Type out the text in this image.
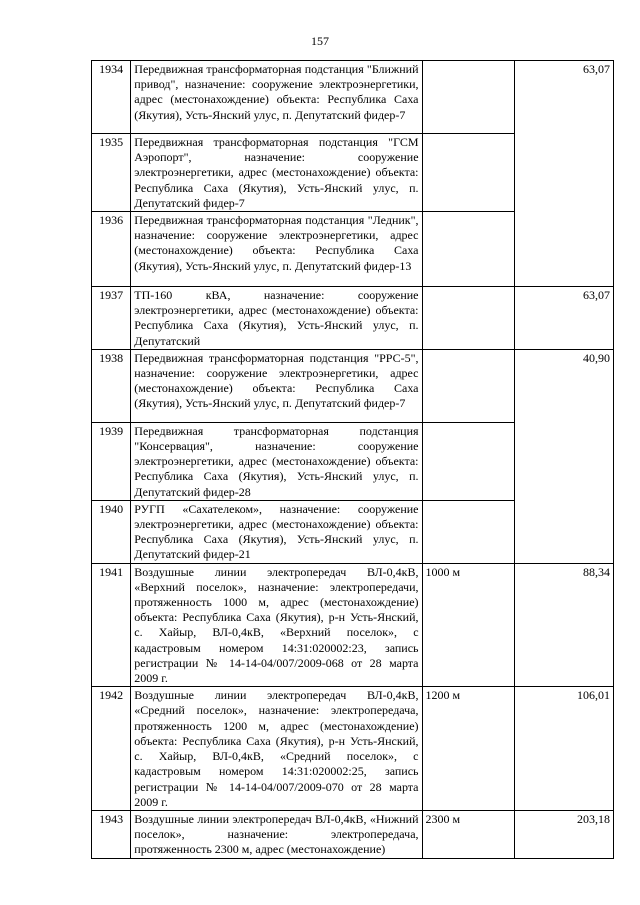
157
1934	Передвижная трансформаторная подстанция "Ближний привод", назначение: сооружение электроэнергетики, адрес (местонахождение) объекта: Республика Саха (Якутия), Усть-Янский улус, п. Депутатский фидер-7		63,07
1935	Передвижная трансформаторная подстанция "ГСМ Аэропорт", назначение: сооружение электроэнергетики, адрес (местонахождение) объекта: Республика Саха (Якутия), Усть-Янский улус, п. Депутатский фидер-7		
1936	Передвижная трансформаторная подстанция "Ледник", назначение: сооружение электроэнергетики, адрес (местонахождение) объекта: Республика Саха (Якутия), Усть-Янский улус, п. Депутатский фидер-13		
1937	ТП-160 кВА, назначение: сооружение электроэнергетики, адрес (местонахождение) объекта: Республика Саха (Якутия), Усть-Янский улус, п. Депутатский		63,07
1938	Передвижная трансформаторная подстанция "РРС-5", назначение: сооружение электроэнергетики, адрес (местонахождение) объекта: Республика Саха (Якутия), Усть-Янский улус, п. Депутатский фидер-7		40,90
1939	Передвижная трансформаторная подстанция "Консервация", назначение: сооружение электроэнергетики, адрес (местонахождение) объекта: Республика Саха (Якутия), Усть-Янский улус, п. Депутатский фидер-28		
1940	РУГП «Сахателеком», назначение: сооружение электроэнергетики, адрес (местонахождение) объекта: Республика Саха (Якутия), Усть-Янский улус, п. Депутатский фидер-21		
1941	Воздушные линии электропередач ВЛ-0,4кВ, «Верхний поселок», назначение: электропередачи, протяженность 1000 м, адрес (местонахождение) объекта: Республика Саха (Якутия), р-н Усть-Янский, с. Хайыр, ВЛ-0,4кВ, «Верхний поселок», с кадастровым номером 14:31:020002:23, запись регистрации № 14-14-04/007/2009-068 от 28 марта 2009 г.	1000 м	88,34
1942	Воздушные линии электропередач ВЛ-0,4кВ, «Средний поселок», назначение: электропередача, протяженность 1200 м, адрес (местонахождение) объекта: Республика Саха (Якутия), р-н Усть-Янский, с. Хайыр, ВЛ-0,4кВ, «Средний поселок», с кадастровым номером 14:31:020002:25, запись регистрации № 14-14-04/007/2009-070 от 28 марта 2009 г.	1200 м	106,01
1943	Воздушные линии электропередач ВЛ-0,4кВ, «Нижний поселок», назначение: электропередача, протяженность 2300 м, адрес (местонахождение)	2300 м	203,18
